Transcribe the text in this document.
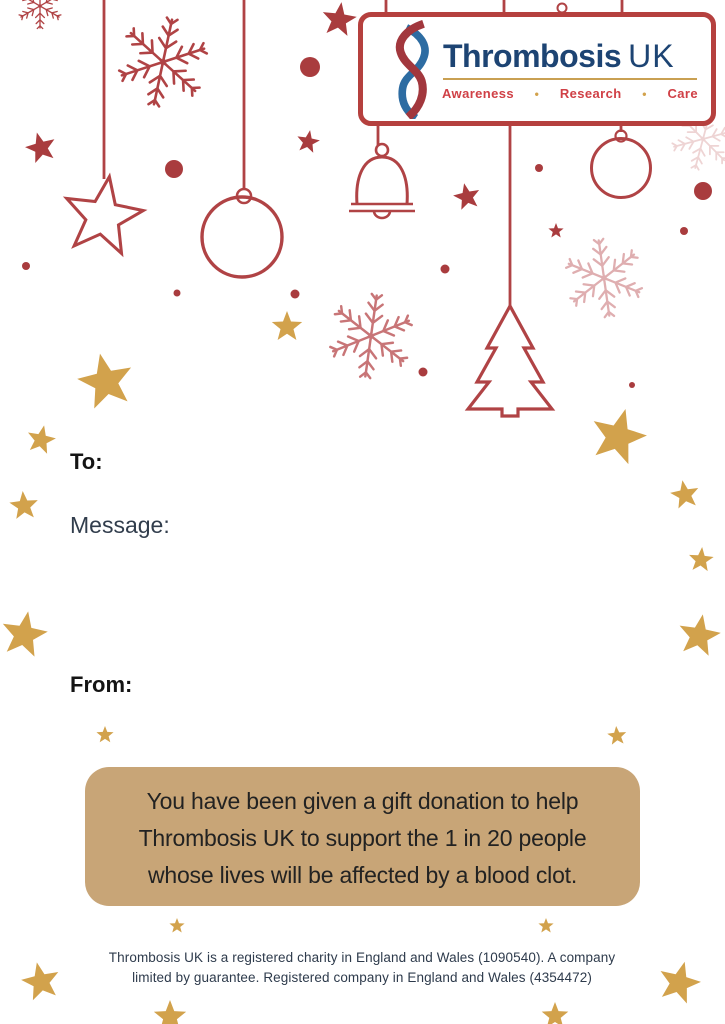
Thrombosis UK
Awareness • Research • Care
To:
Message:
From:
You have been given a gift donation to help
Thrombosis UK to support the 1 in 20 people
whose lives will be affected by a blood clot.
Thrombosis UK is a registered charity in England and Wales (1090540). A company
limited by guarantee. Registered company in England and Wales (4354472)
